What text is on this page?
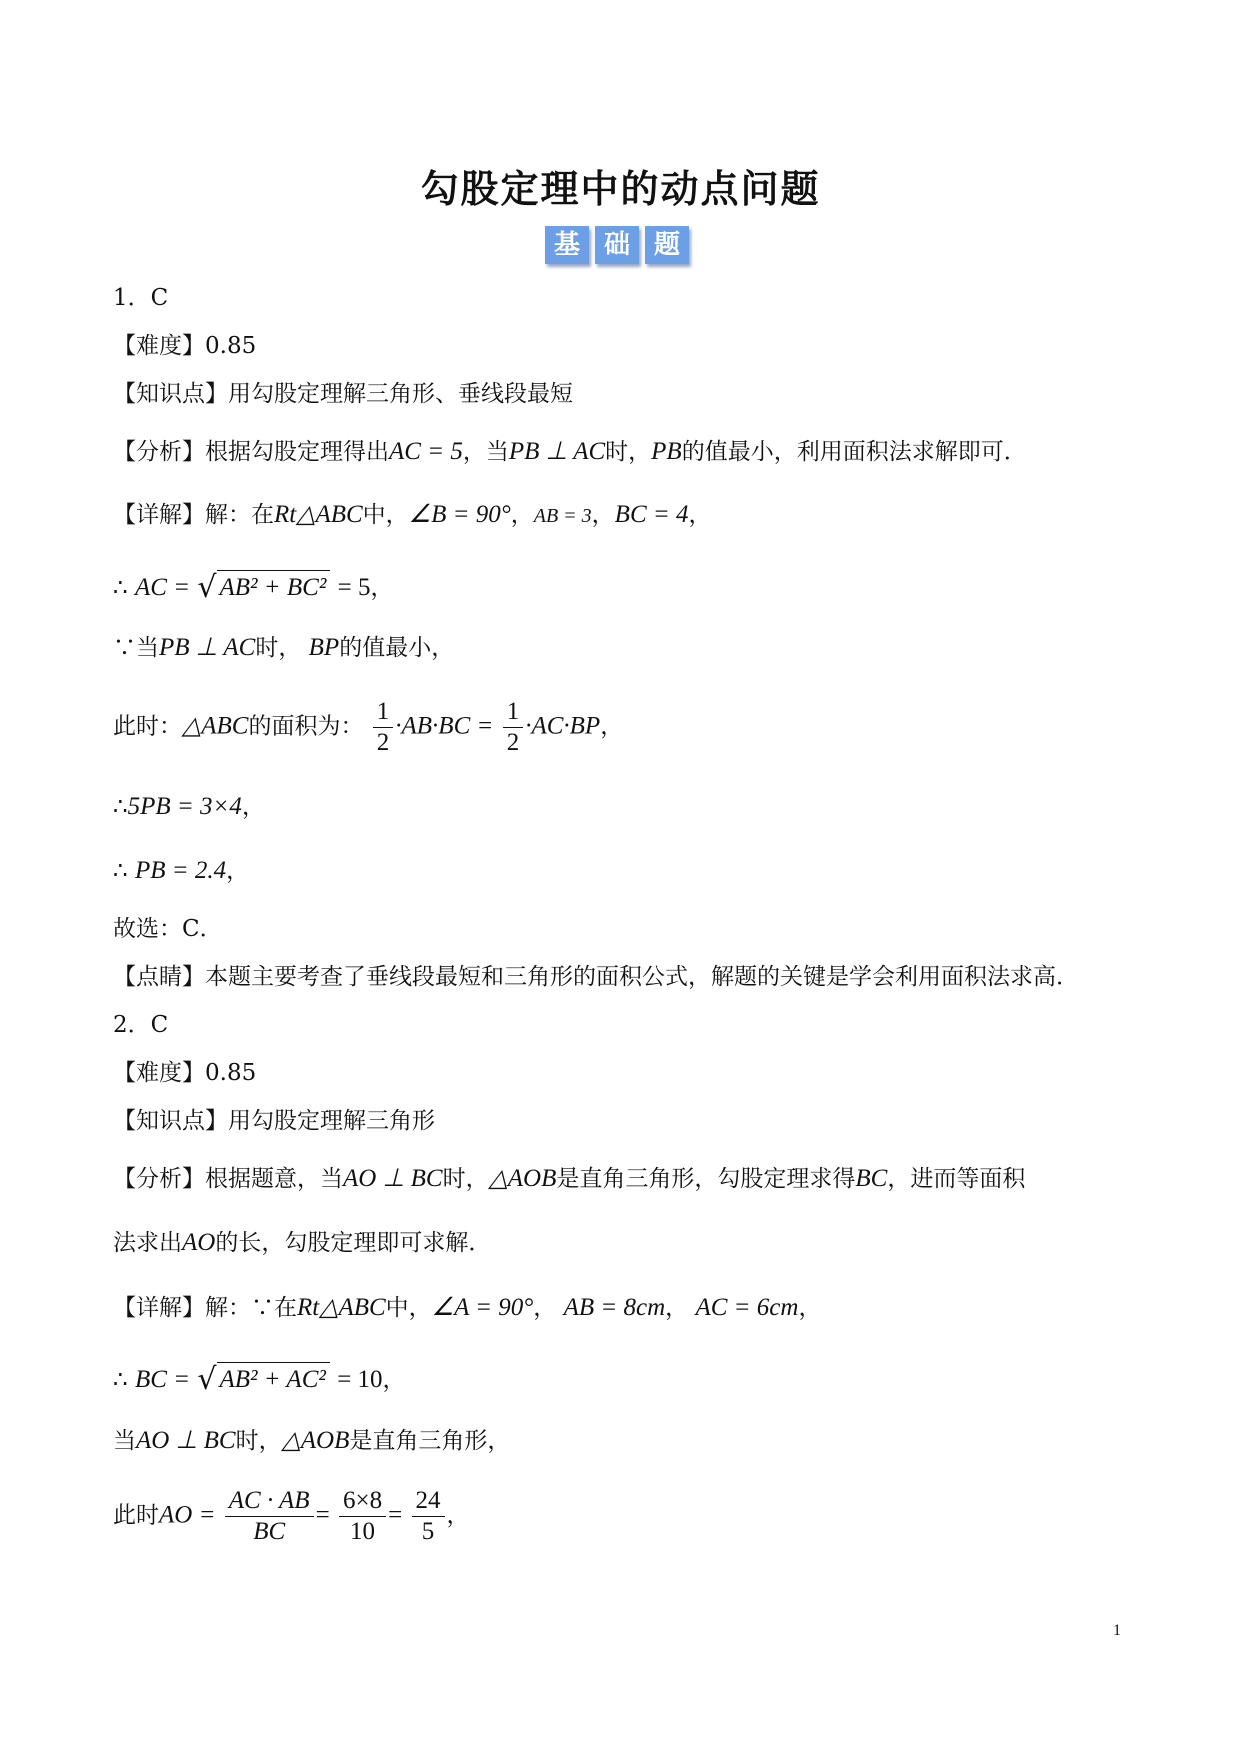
勾股定理中的动点问题
基 础 题
1．C
【难度】0.85
【知识点】用勾股定理解三角形、垂线段最短
【分析】根据勾股定理得出AC = 5，当PB ⊥ AC时，PB的值最小，利用面积法求解即可．
【详解】解：在Rt△ABC中，∠B = 90°，AB = 3，BC = 4，
∴ AC = √ AB² + BC² = 5，
∵当PB ⊥ AC时， BP的值最小，
此时：△ABC的面积为： $\frac{1}{2} \cdot AB\cdot BC = \frac{1}{2} \cdot AC\cdot BP$，
∴5PB = 3×4，
∴ PB = 2.4，
故选：C．
【点睛】本题主要考查了垂线段最短和三角形的面积公式，解题的关键是学会利用面积法求高．
2．C
【难度】0.85
【知识点】用勾股定理解三角形
【分析】根据题意，当AO ⊥ BC时，△AOB是直角三角形，勾股定理求得BC，进而等面积
法求出AO的长，勾股定理即可求解．
【详解】解：∵在Rt△ABC中，∠A = 90°， AB = 8cm， AC = 6cm，
∴ BC = √ AB² + AC² = 10，
当AO ⊥ BC时，△AOB是直角三角形，
此时AO = $\frac{AC \cdot AB}{BC} = \frac{6\times 8}{10} = \frac{24}{5}$ ，
1
